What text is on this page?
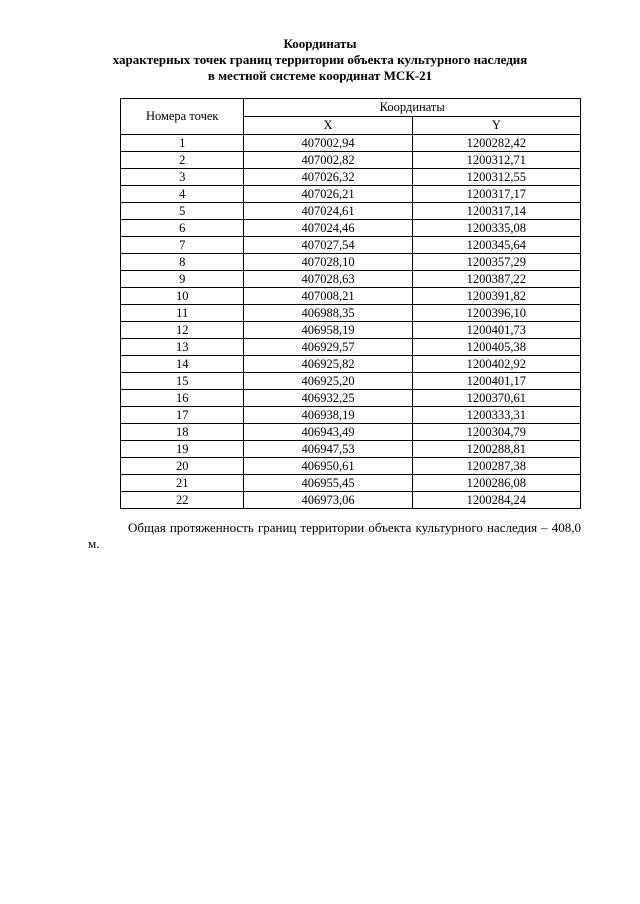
Координаты
характерных точек границ территории объекта культурного наследия
в местной системе координат МСК-21
Номера точек	Координаты	
	X	Y
1	407002,94	1200282,42
2	407002,82	1200312,71
3	407026,32	1200312,55
4	407026,21	1200317,17
5	407024,61	1200317,14
6	407024,46	1200335,08
7	407027,54	1200345,64
8	407028,10	1200357,29
9	407028,63	1200387,22
10	407008,21	1200391,82
11	406988,35	1200396,10
12	406958,19	1200401,73
13	406929,57	1200405,38
14	406925,82	1200402,92
15	406925,20	1200401,17
16	406932,25	1200370,61
17	406938,19	1200333,31
18	406943,49	1200304,79
19	406947,53	1200288,81
20	406950,61	1200287,38
21	406955,45	1200286,08
22	406973,06	1200284,24
Общая протяженность границ территории объекта культурного наследия – 408,0 м.
